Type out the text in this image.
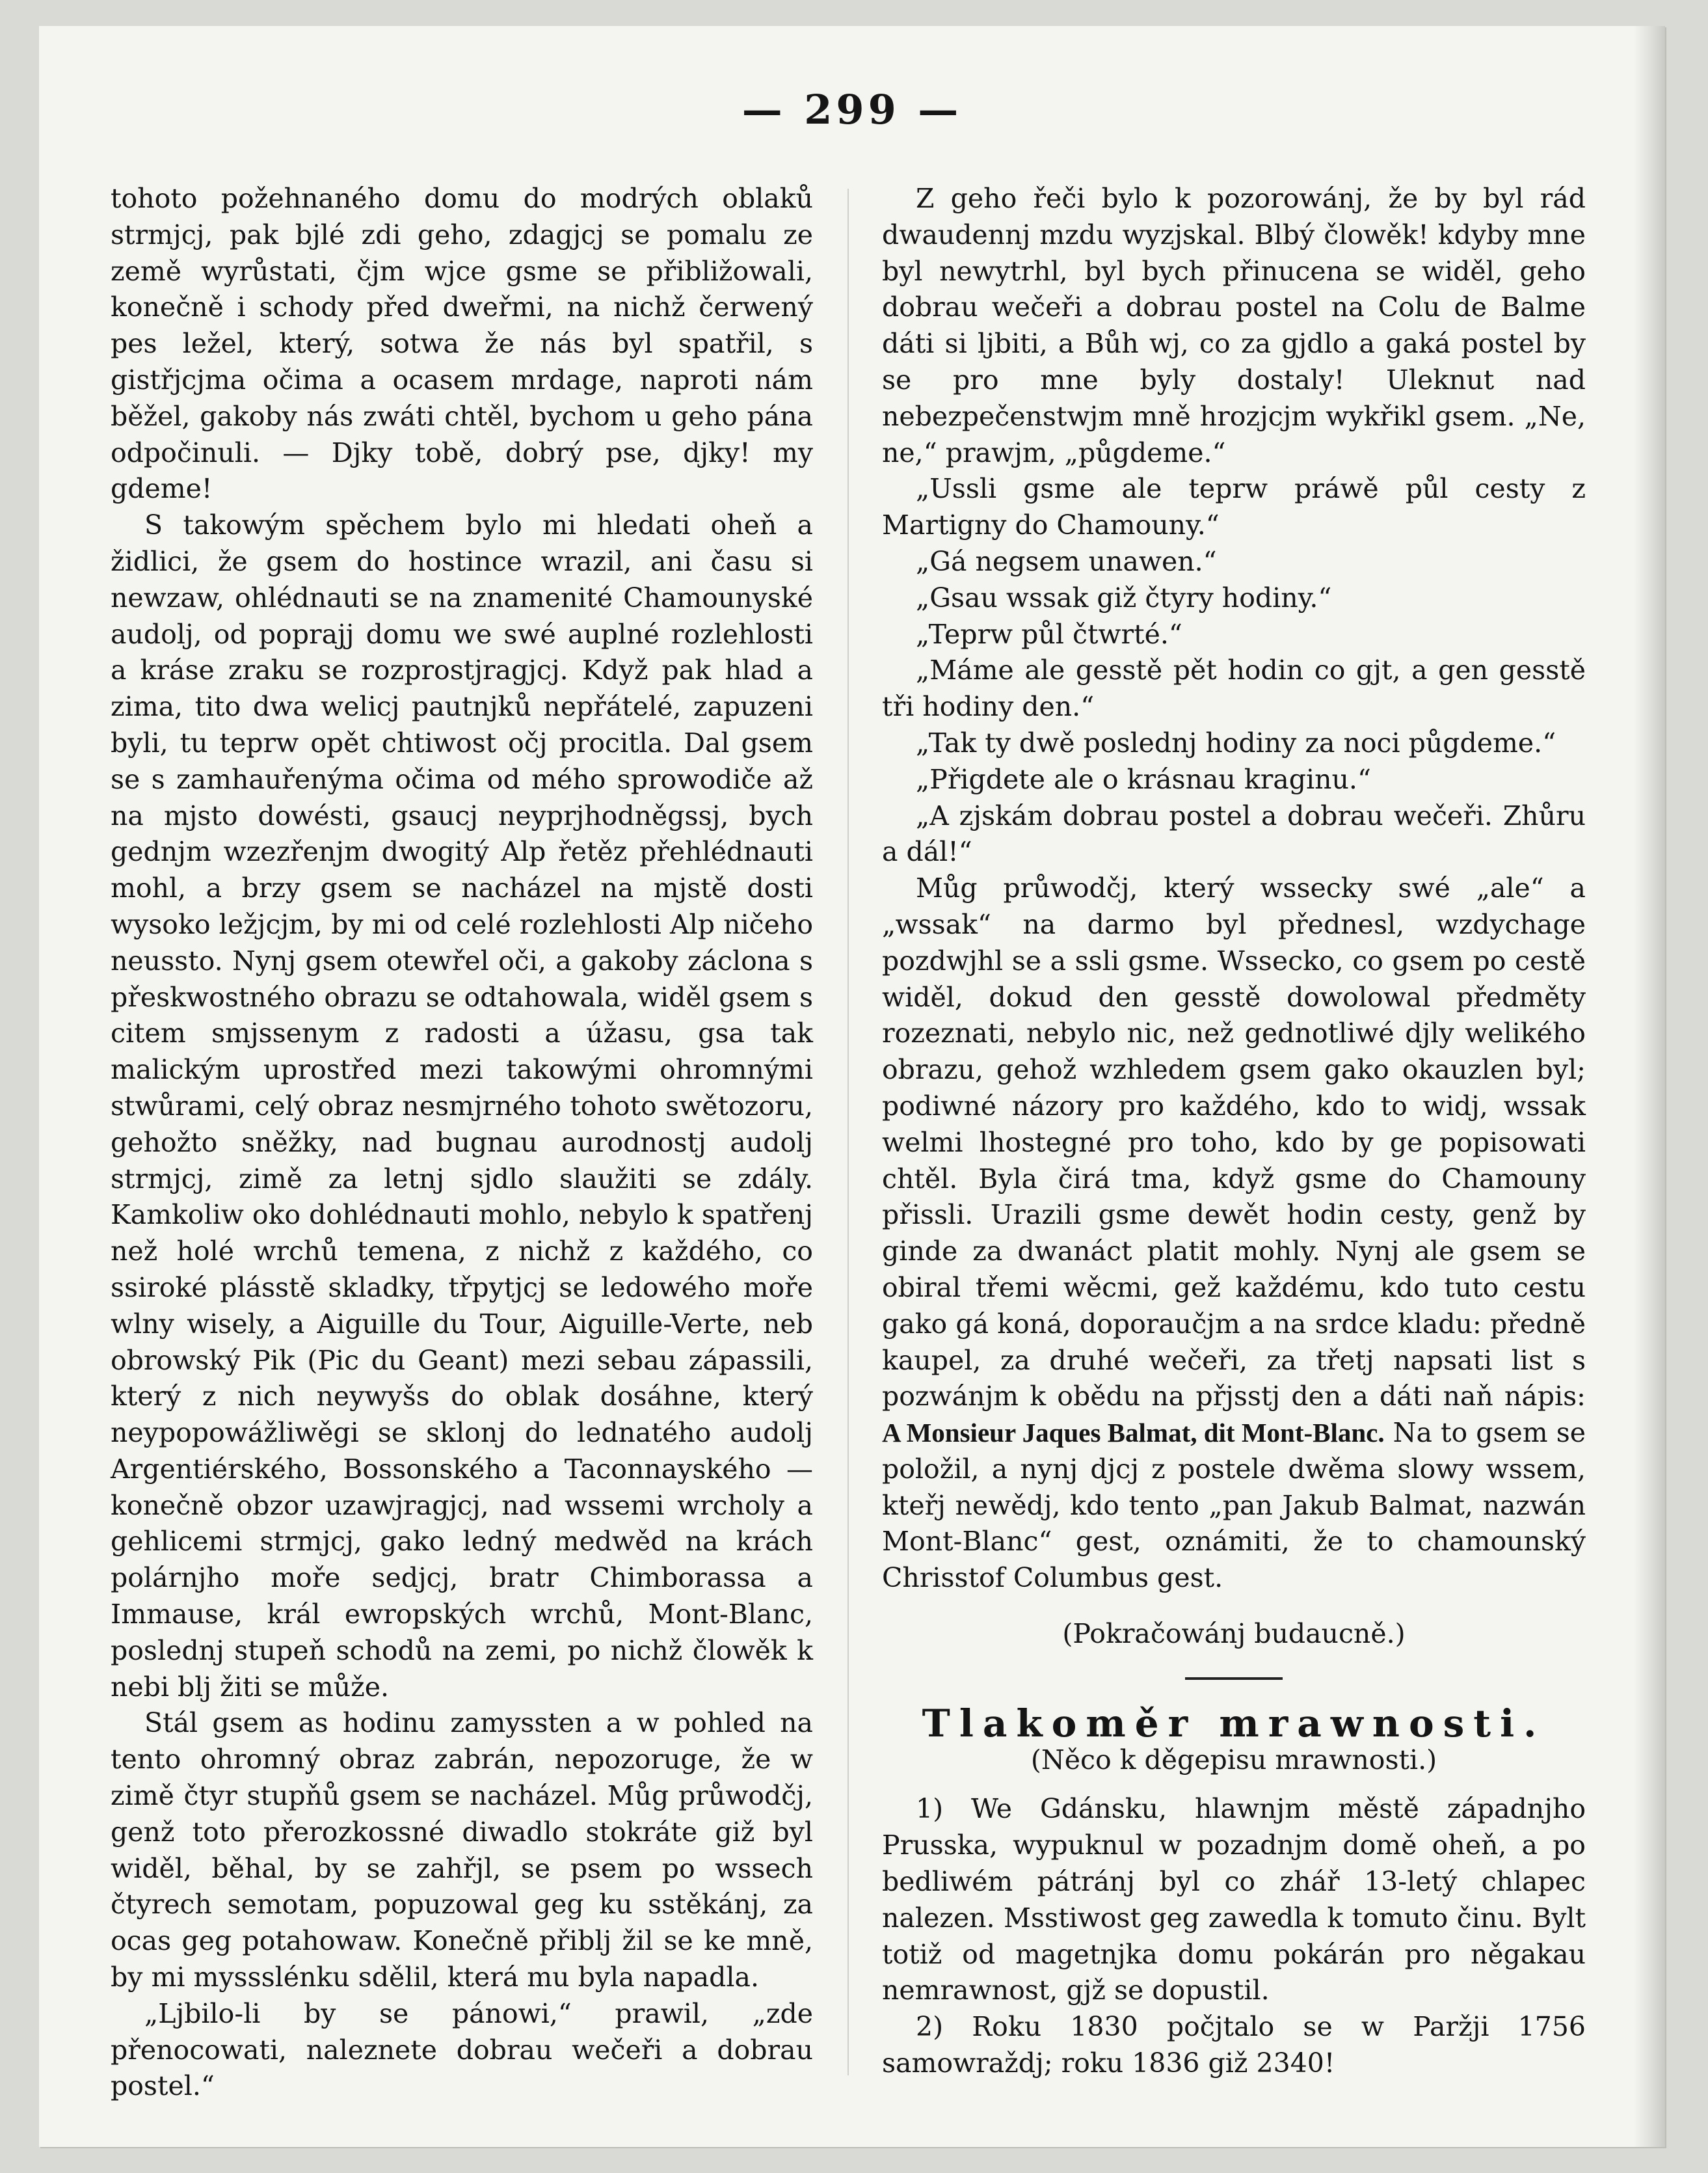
— 299 —

tohoto požehnaného domu do modrých oblaků strmjcj, pak bjlé zdi geho, zdagjcj se pomalu ze země wyrůstati, čjm wjce gsme se přibližowali, konečně i schody před dweřmi, na nichž čerwený pes ležel, který, sotwa že nás byl spatřil, s gistřjcjma očima a ocasem mrdage, naproti nám běžel, gakoby nás zwáti chtěl, bychom u geho pána odpočinuli. — Djky tobě, dobrý pse, djky! my gdeme!

S takowým spěchem bylo mi hledati oheň a židlici, že gsem do hostince wrazil, ani času si newzaw, ohlédnauti se na znamenité Chamounyské audolj, od poprajj domu we swé auplné rozlehlosti a kráse zraku se rozprostjragjcj. Když pak hlad a zima, tito dwa welicj pautnjků nepřátelé, zapuzeni byli, tu teprw opět chtiwost očj procitla. Dal gsem se s zamhauřenýma očima od mého sprowodiče až na mjsto dowésti, gsaucj neyprjhodněgssj, bych gednjm wzezřenjm dwogitý Alp řetěz přehlédnauti mohl, a brzy gsem se nacházel na mjstě dosti wysoko ležjcjm, by mi od celé rozlehlosti Alp ničeho neussto. Nynj gsem otewřel oči, a gakoby záclona s přeskwostného obrazu se odtahowala, widěl gsem s citem smjssenym z radosti a úžasu, gsa tak malickým uprostřed mezi takowými ohromnými stwůrami, celý obraz nesmjrného tohoto swětozoru, gehožto sněžky, nad bugnau aurodnostj audolj strmjcj, zimě za letnj sjdlo slaužiti se zdály. Kamkoliw oko dohlédnauti mohlo, nebylo k spatřenj než holé wrchů temena, z nichž z každého, co ssiroké plásstě skladky, třpytjcj se ledowého moře wlny wisely, a Aiguille du Tour, Aiguille-Verte, neb obrowský Pik (Pic du Geant) mezi sebau zápassili, který z nich neywyšs do oblak dosáhne, který neypopowážliwěgi se sklonj do lednatého audolj Argentiérského, Bossonského a Taconnayského — konečně obzor uzawjragjcj, nad wssemi wrcholy a gehlicemi strmjcj, gako ledný medwěd na krách polárnjho moře sedjcj, bratr Chimborassa a Immause, král ewropských wrchů, Mont-Blanc, poslednj stupeň schodů na zemi, po nichž člowěk k nebi blj žiti se může.

Stál gsem as hodinu zamyssten a w pohled na tento ohromný obraz zabrán, nepozoruge, že w zimě čtyr stupňů gsem se nacházel. Můg průwodčj, genž toto přerozkossné diwadlo stokráte giž byl widěl, běhal, by se zahřjl, se psem po wssech čtyrech semotam, popuzowal geg ku sstěkánj, za ocas geg potahowaw. Konečně přiblj žil se ke mně, by mi myssslénku sdělil, která mu byla napadla.

„Ljbilo-li by se pánowi,“ prawil, „zde přenocowati, naleznete dobrau wečeři a dobrau postel.“

Z geho řeči bylo k pozorowánj, že by byl rád dwaudennj mzdu wyzjskal. Blbý člowěk! kdyby mne byl newytrhl, byl bych přinucena se widěl, geho dobrau wečeři a dobrau postel na Colu de Balme dáti si ljbiti, a Bůh wj, co za gjdlo a gaká postel by se pro mne byly dostaly! Uleknut nad nebezpečenstwjm mně hrozjcjm wykřikl gsem. „Ne, ne,“ prawjm, „půgdeme.“

„Ussli gsme ale teprw práwě půl cesty z Martigny do Chamouny.“

„Gá negsem unawen.“

„Gsau wssak giž čtyry hodiny.“

„Teprw půl čtwrté.“

„Máme ale gesstě pět hodin co gjt, a gen gesstě tři hodiny den.“

„Tak ty dwě poslednj hodiny za noci půgdeme.“

„Přigdete ale o krásnau kraginu.“

„A zjskám dobrau postel a dobrau wečeři. Zhůru a dál!“

Můg průwodčj, který wssecky swé „ale“ a „wssak“ na darmo byl přednesl, wzdychage pozdwjhl se a ssli gsme. Wssecko, co gsem po cestě widěl, dokud den gesstě dowolowal předměty rozeznati, nebylo nic, než gednotliwé djly welikého obrazu, gehož wzhledem gsem gako okauzlen byl; podiwné názory pro každého, kdo to widj, wssak welmi lhostegné pro toho, kdo by ge popisowati chtěl. Byla čirá tma, když gsme do Chamouny přissli. Urazili gsme dewět hodin cesty, genž by ginde za dwanáct platit mohly. Nynj ale gsem se obiral třemi wěcmi, gež každému, kdo tuto cestu gako gá koná, doporaučjm a na srdce kladu: předně kaupel, za druhé wečeři, za třetj napsati list s pozwánjm k obědu na přjsstj den a dáti naň nápis: A Monsieur Jaques Balmat, dit Mont-Blanc. Na to gsem se položil, a nynj djcj z postele dwěma slowy wssem, kteřj newědj, kdo tento „pan Jakub Balmat, nazwán Mont-Blanc“ gest, oznámiti, že to chamounský Chrisstof Columbus gest.

(Pokračowánj budaucně.)

Tlakoměr mrawnosti.

(Něco k děgepisu mrawnosti.)

1) We Gdánsku, hlawnjm městě západnjho Prusska, wypuknul w pozadnjm domě oheň, a po bedliwém pátránj byl co zhář 13-letý chlapec nalezen. Msstiwost geg zawedla k tomuto činu. Bylt totiž od magetnjka domu pokárán pro něgakau nemrawnost, gjž se dopustil.

2) Roku 1830 počjtalo se w Paržji 1756 samowraždj; roku 1836 giž 2340!
